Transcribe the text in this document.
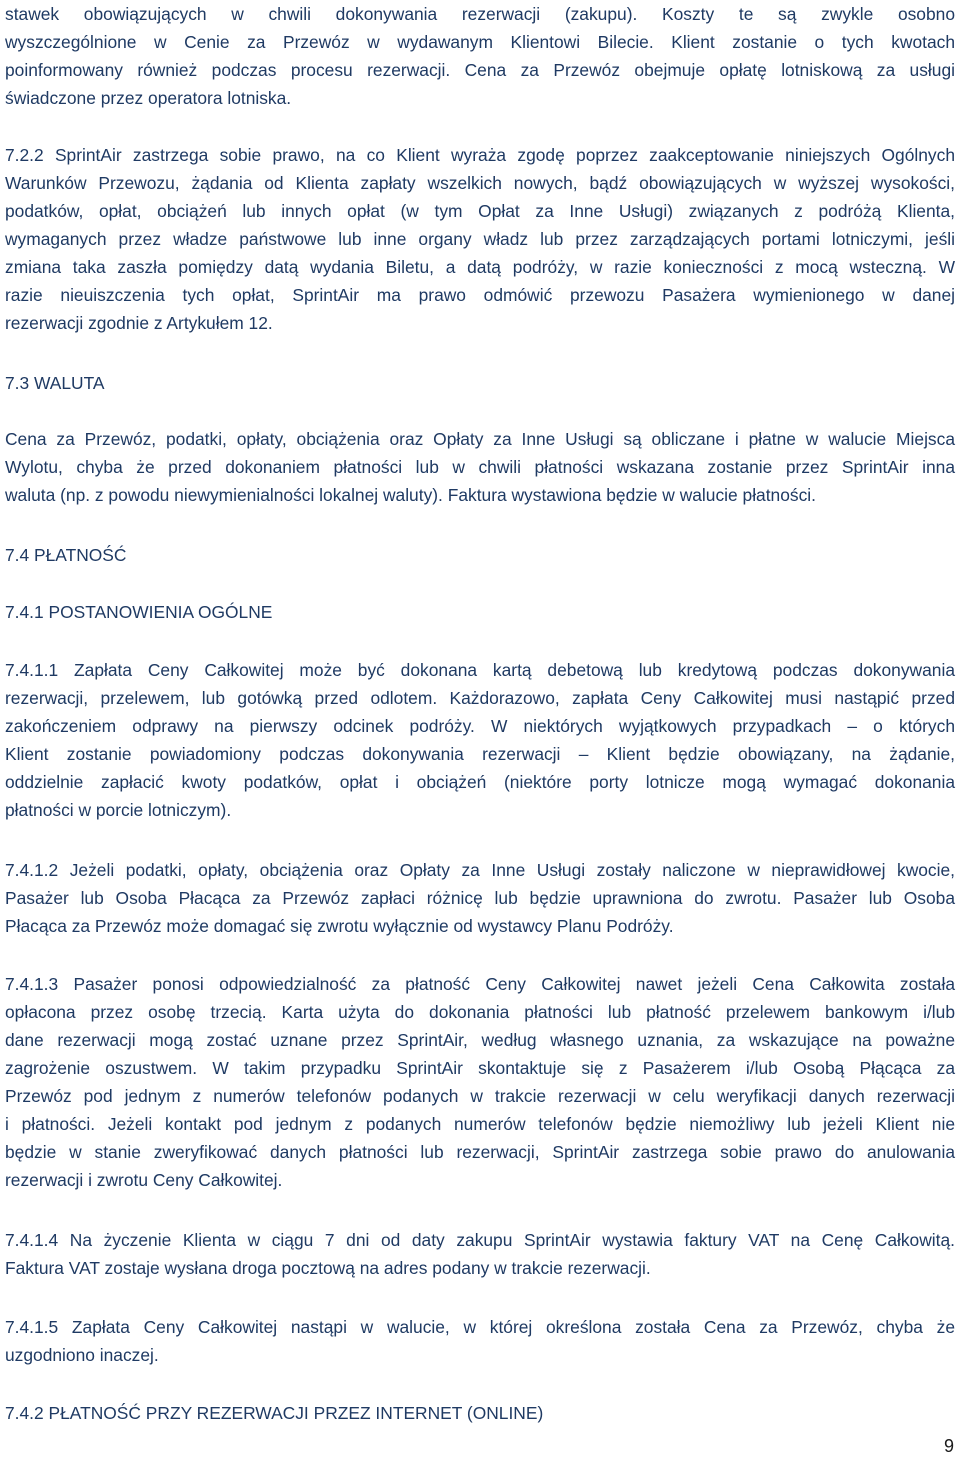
stawek obowiązujących w chwili dokonywania rezerwacji (zakupu). Koszty te są zwykle osobno
wyszczególnione w Cenie za Przewóz w wydawanym Klientowi Bilecie. Klient zostanie o tych kwotach
poinformowany również podczas procesu rezerwacji. Cena za Przewóz obejmuje opłatę lotniskową za usługi
świadczone przez operatora lotniska.
7.2.2 SprintAir zastrzega sobie prawo, na co Klient wyraża zgodę poprzez zaakceptowanie niniejszych Ogólnych
Warunków Przewozu, żądania od Klienta zapłaty wszelkich nowych, bądź obowiązujących w wyższej wysokości,
podatków, opłat, obciążeń lub innych opłat (w tym Opłat za Inne Usługi) związanych z podróżą Klienta,
wymaganych przez władze państwowe lub inne organy władz lub przez zarządzających portami lotniczymi, jeśli
zmiana taka zaszła pomiędzy datą wydania Biletu, a datą podróży, w razie konieczności z mocą wsteczną. W
razie nieuiszczenia tych opłat, SprintAir ma prawo odmówić przewozu Pasażera wymienionego w danej
rezerwacji zgodnie z Artykułem 12.

7.3 WALUTA

Cena za Przewóz, podatki, opłaty, obciążenia oraz Opłaty za Inne Usługi są obliczane i płatne w walucie Miejsca
Wylotu, chyba że przed dokonaniem płatności lub w chwili płatności wskazana zostanie przez SprintAir inna
waluta (np. z powodu niewymienialności lokalnej waluty). Faktura wystawiona będzie w walucie płatności.

7.4 PŁATNOŚĆ

7.4.1 POSTANOWIENIA OGÓLNE

7.4.1.1 Zapłata Ceny Całkowitej może być dokonana kartą debetową lub kredytową podczas dokonywania
rezerwacji, przelewem, lub gotówką przed odlotem. Każdorazowo, zapłata Ceny Całkowitej musi nastąpić przed
zakończeniem odprawy na pierwszy odcinek podróży. W niektórych wyjątkowych przypadkach – o których
Klient zostanie powiadomiony podczas dokonywania rezerwacji – Klient będzie obowiązany, na żądanie,
oddzielnie zapłacić kwoty podatków, opłat i obciążeń (niektóre porty lotnicze mogą wymagać dokonania
płatności w porcie lotniczym).
7.4.1.2 Jeżeli podatki, opłaty, obciążenia oraz Opłaty za Inne Usługi zostały naliczone w nieprawidłowej kwocie,
Pasażer lub Osoba Płacąca za Przewóz zapłaci różnicę lub będzie uprawniona do zwrotu. Pasażer lub Osoba
Płacąca za Przewóz może domagać się zwrotu wyłącznie od wystawcy Planu Podróży.
7.4.1.3 Pasażer ponosi odpowiedzialność za płatność Ceny Całkowitej nawet jeżeli Cena Całkowita została
opłacona przez osobę trzecią. Karta użyta do dokonania płatności lub płatność przelewem bankowym i/lub
dane rezerwacji mogą zostać uznane przez SprintAir, według własnego uznania, za wskazujące na poważne
zagrożenie oszustwem. W takim przypadku SprintAir skontaktuje się z Pasażerem i/lub Osobą Płącąca za
Przewóz pod jednym z numerów telefonów podanych w trakcie rezerwacji w celu weryfikacji danych rezerwacji
i płatności. Jeżeli kontakt pod jednym z podanych numerów telefonów będzie niemożliwy lub jeżeli Klient nie
będzie w stanie zweryfikować danych płatności lub rezerwacji, SprintAir zastrzega sobie prawo do anulowania
rezerwacji i zwrotu Ceny Całkowitej.
7.4.1.4 Na życzenie Klienta w ciągu 7 dni od daty zakupu SprintAir wystawia faktury VAT na Cenę Całkowitą.
Faktura VAT zostaje wysłana droga pocztową na adres podany w trakcie rezerwacji.
7.4.1.5 Zapłata Ceny Całkowitej nastąpi w walucie, w której określona została Cena za Przewóz, chyba że
uzgodniono inaczej.

7.4.2 PŁATNOŚĆ PRZY REZERWACJI PRZEZ INTERNET (ONLINE)

9
